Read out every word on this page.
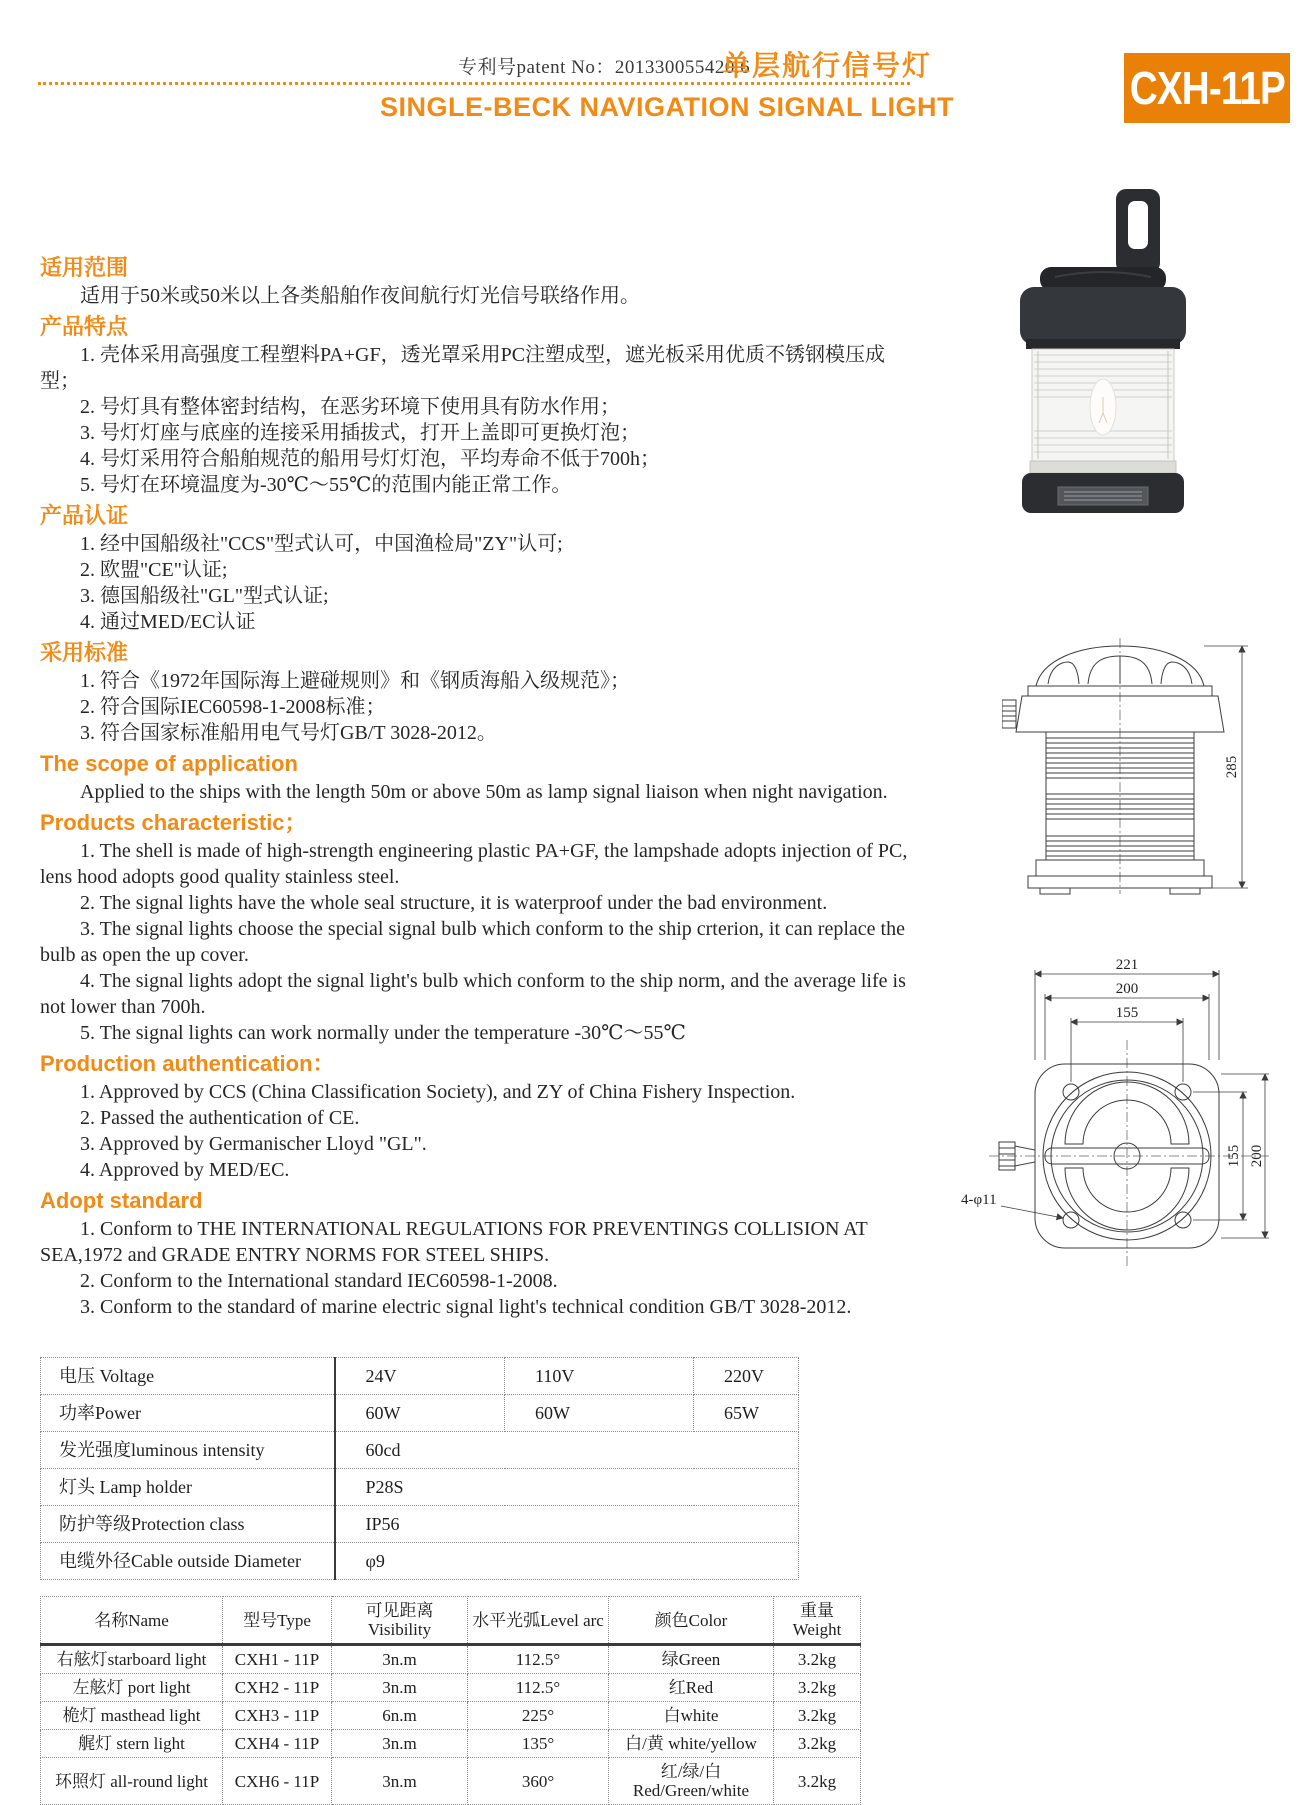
专利号patent No：201330055420.6
单层航行信号灯
SINGLE-BECK NAVIGATION SIGNAL LIGHT	CXH-11P
适用范围

适用于50米或50米以上各类船舶作夜间航行灯光信号联络作用。

产品特点

1. 壳体采用高强度工程塑料PA+GF，透光罩采用PC注塑成型，遮光板采用优质不锈钢模压成型；

2. 号灯具有整体密封结构，在恶劣环境下使用具有防水作用；

3. 号灯灯座与底座的连接采用插拔式，打开上盖即可更换灯泡；

4. 号灯采用符合船舶规范的船用号灯灯泡，平均寿命不低于700h；

5. 号灯在环境温度为-30℃～55℃的范围内能正常工作。

产品认证

1. 经中国船级社"CCS"型式认可，中国渔检局"ZY"认可;

2. 欧盟"CE"认证;

3. 德国船级社"GL"型式认证;

4. 通过MED/EC认证

采用标准

1. 符合《1972年国际海上避碰规则》和《钢质海船入级规范》；

2. 符合国际IEC60598-1-2008标准；

3. 符合国家标准船用电气号灯GB/T 3028-2012。

The scope of application

Applied to the ships with the length 50m or above 50m as lamp signal liaison when night navigation.

Products characteristic；

1. The shell is made of high-strength engineering plastic PA+GF, the lampshade adopts injection of PC, lens hood adopts good quality stainless steel.

2. The signal lights have the whole seal structure, it is waterproof under the bad environment.

3. The signal lights choose the special signal bulb which conform to the ship crterion, it can replace the bulb as open the up cover.

4. The signal lights adopt the signal light's bulb which conform to the ship norm, and the average life is not lower than 700h.

5. The signal lights can work normally under the temperature -30℃～55℃

Production authentication：

1. Approved by CCS (China Classification Society), and ZY of China Fishery Inspection.

2. Passed the authentication of CE.

3. Approved by Germanischer Lloyd "GL".

4. Approved by MED/EC.

Adopt standard

1. Conform to THE INTERNATIONAL REGULATIONS FOR PREVENTINGS COLLISION AT SEA,1972 and GRADE ENTRY NORMS FOR STEEL SHIPS.

2. Conform to the International standard IEC60598-1-2008.

3. Conform to the standard of marine electric signal light's technical condition GB/T 3028-2012.

285
221
200
155
155 200
4-φ11
电压 Voltage	24V	110V	220V
功率Power	60W	60W	65W
发光强度luminous intensity	60cd		
灯头 Lamp holder	P28S		
防护等级Protection class	IP56		
电缆外径Cable outside Diameter	φ9		
名称Name	型号Type	可见距离Visibility	水平光弧Level arc	颜色Color	重量Weight
右舷灯starboard light	CXH1 - 11P	3n.m	112.5°	绿Green	3.2kg
左舷灯 port light	CXH2 - 11P	3n.m	112.5°	红Red	3.2kg
桅灯 masthead light	CXH3 - 11P	6n.m	225°	白white	3.2kg
艉灯 stern light	CXH4 - 11P	3n.m	135°	白/黄 white/yellow	3.2kg
环照灯 all-round light	CXH6 - 11P	3n.m	360°	红/绿/白 Red/Green/white	3.2kg
